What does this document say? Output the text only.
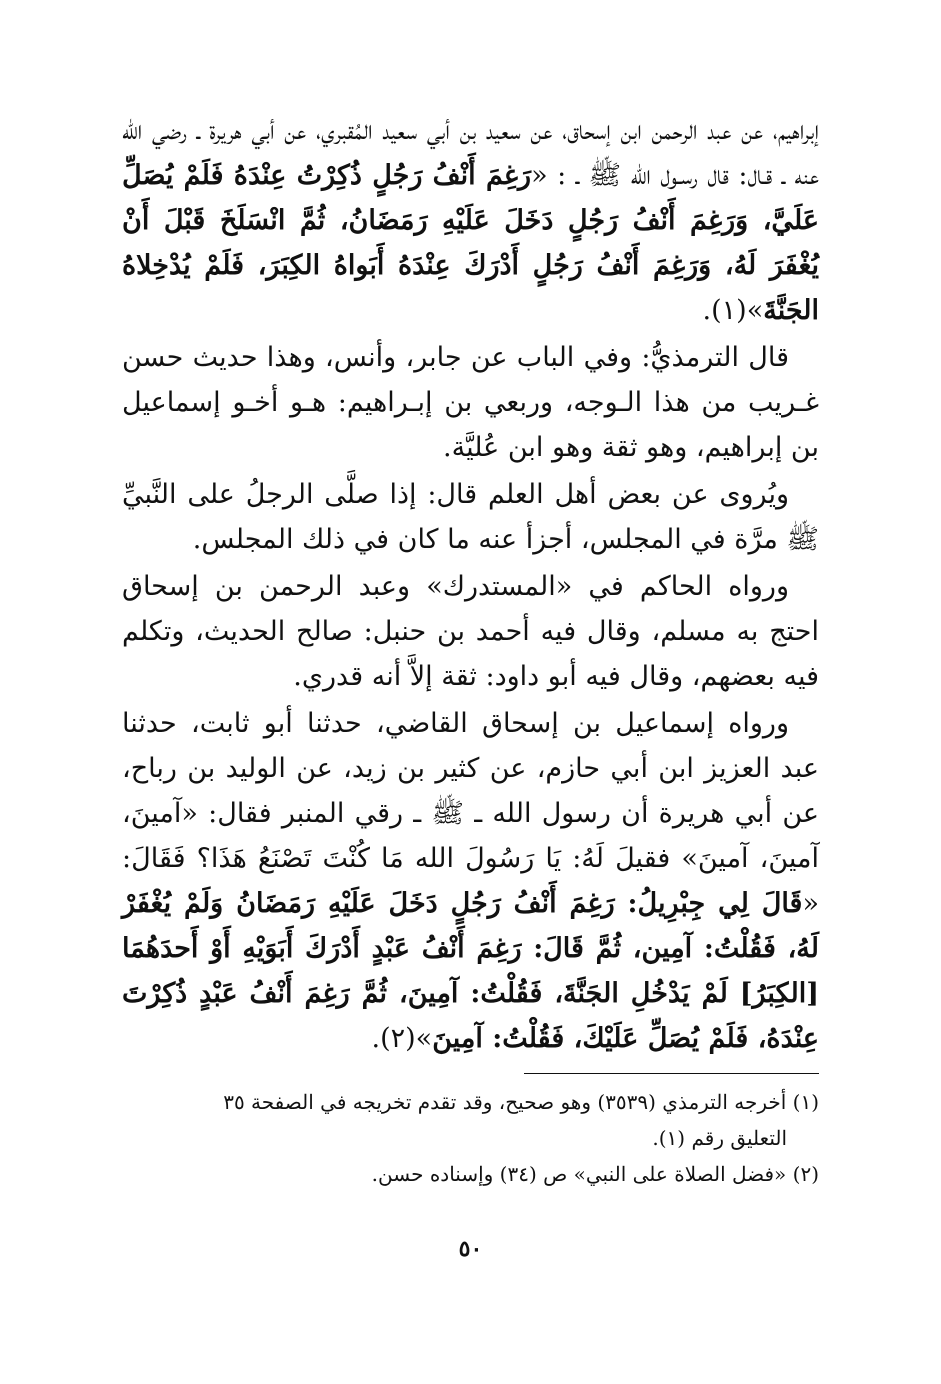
إبراهيم، عن عبد الرحمن ابن إسحاق، عن سعيد بن أبي سعيد المُقبري، عن أبي هريرة ـ رضي الله عنه ـ قـال: قال رسـول الله ﷺ ـ : «رَغِمَ أَنْفُ رَجُلٍ ذُكِرْتُ عِنْدَهُ فَلَمْ يُصَلِّ عَلَيَّ، وَرَغِمَ أَنْفُ رَجُلٍ دَخَلَ عَلَيْهِ رَمَضَانُ، ثُمَّ انْسَلَخَ قَبْلَ أَنْ يُغْفَرَ لَهُ، وَرَغِمَ أَنْفُ رَجُلٍ أَدْرَكَ عِنْدَهُ أَبَواهُ الكِبَرَ، فَلَمْ يُدْخِلاهُ الجَنَّةَ»(١).

قال الترمذيُّ: وفي الباب عن جابر، وأنس، وهذا حديث حسن غـريب من هذا الـوجه، وربعي بن إبـراهيم: هـو أخـو إسماعيل بن إبراهيم، وهو ثقة وهو ابن عُليَّة.

ويُروى عن بعض أهل العلم قال: إذا صلَّى الرجلُ على النَّبيِّ ﷺ مرَّة في المجلس، أجزأ عنه ما كان في ذلك المجلس.

ورواه الحاكم في «المستدرك» وعبد الرحمن بن إسحاق احتج به مسلم، وقال فيه أحمد بن حنبل: صالح الحديث، وتكلم فيه بعضهم، وقال فيه أبو داود: ثقة إلاَّ أنه قدري.

ورواه إسماعيل بن إسحاق القاضي، حدثنا أبو ثابت، حدثنا عبد العزيز ابن أبي حازم، عن كثير بن زيد، عن الوليد بن رباح، عن أبي هريرة أن رسول الله ـ ﷺ ـ رقي المنبر فقال: «آمينَ، آمينَ، آمينَ» فقيلَ لَهُ: يَا رَسُولَ الله مَا كُنْتَ تَصْنَعُ هَذَا؟ فَقَالَ: «قَالَ لِي جِبْرِيلُ: رَغِمَ أَنْفُ رَجُلٍ دَخَلَ عَلَيْهِ رَمَضَانُ وَلَمْ يُغْفَرْ لَهُ، فَقُلْتُ: آمِين، ثُمَّ قَالَ: رَغِمَ أَنْفُ عَبْدٍ أَدْرَكَ أَبَوَيْهِ أَوْ أَحدَهُمَا [الكِبَرُ] لَمْ يَدْخُلِ الجَنَّةَ، فَقُلْتُ: آمِينَ، ثُمَّ رَغِمَ أَنْفُ عَبْدٍ ذُكِرْتَ عِنْدَهُ، فَلَمْ يُصَلِّ عَلَيْكَ، فَقُلْتُ: آمِينَ»(٢).

(١) أخرجه الترمذي (٣٥٣٩) وهو صحيح، وقد تقدم تخريجه في الصفحة ٣٥
التعليق رقم (١).

(٢) «فضل الصلاة على النبي» ص (٣٤) وإسناده حسن.

٥٠
